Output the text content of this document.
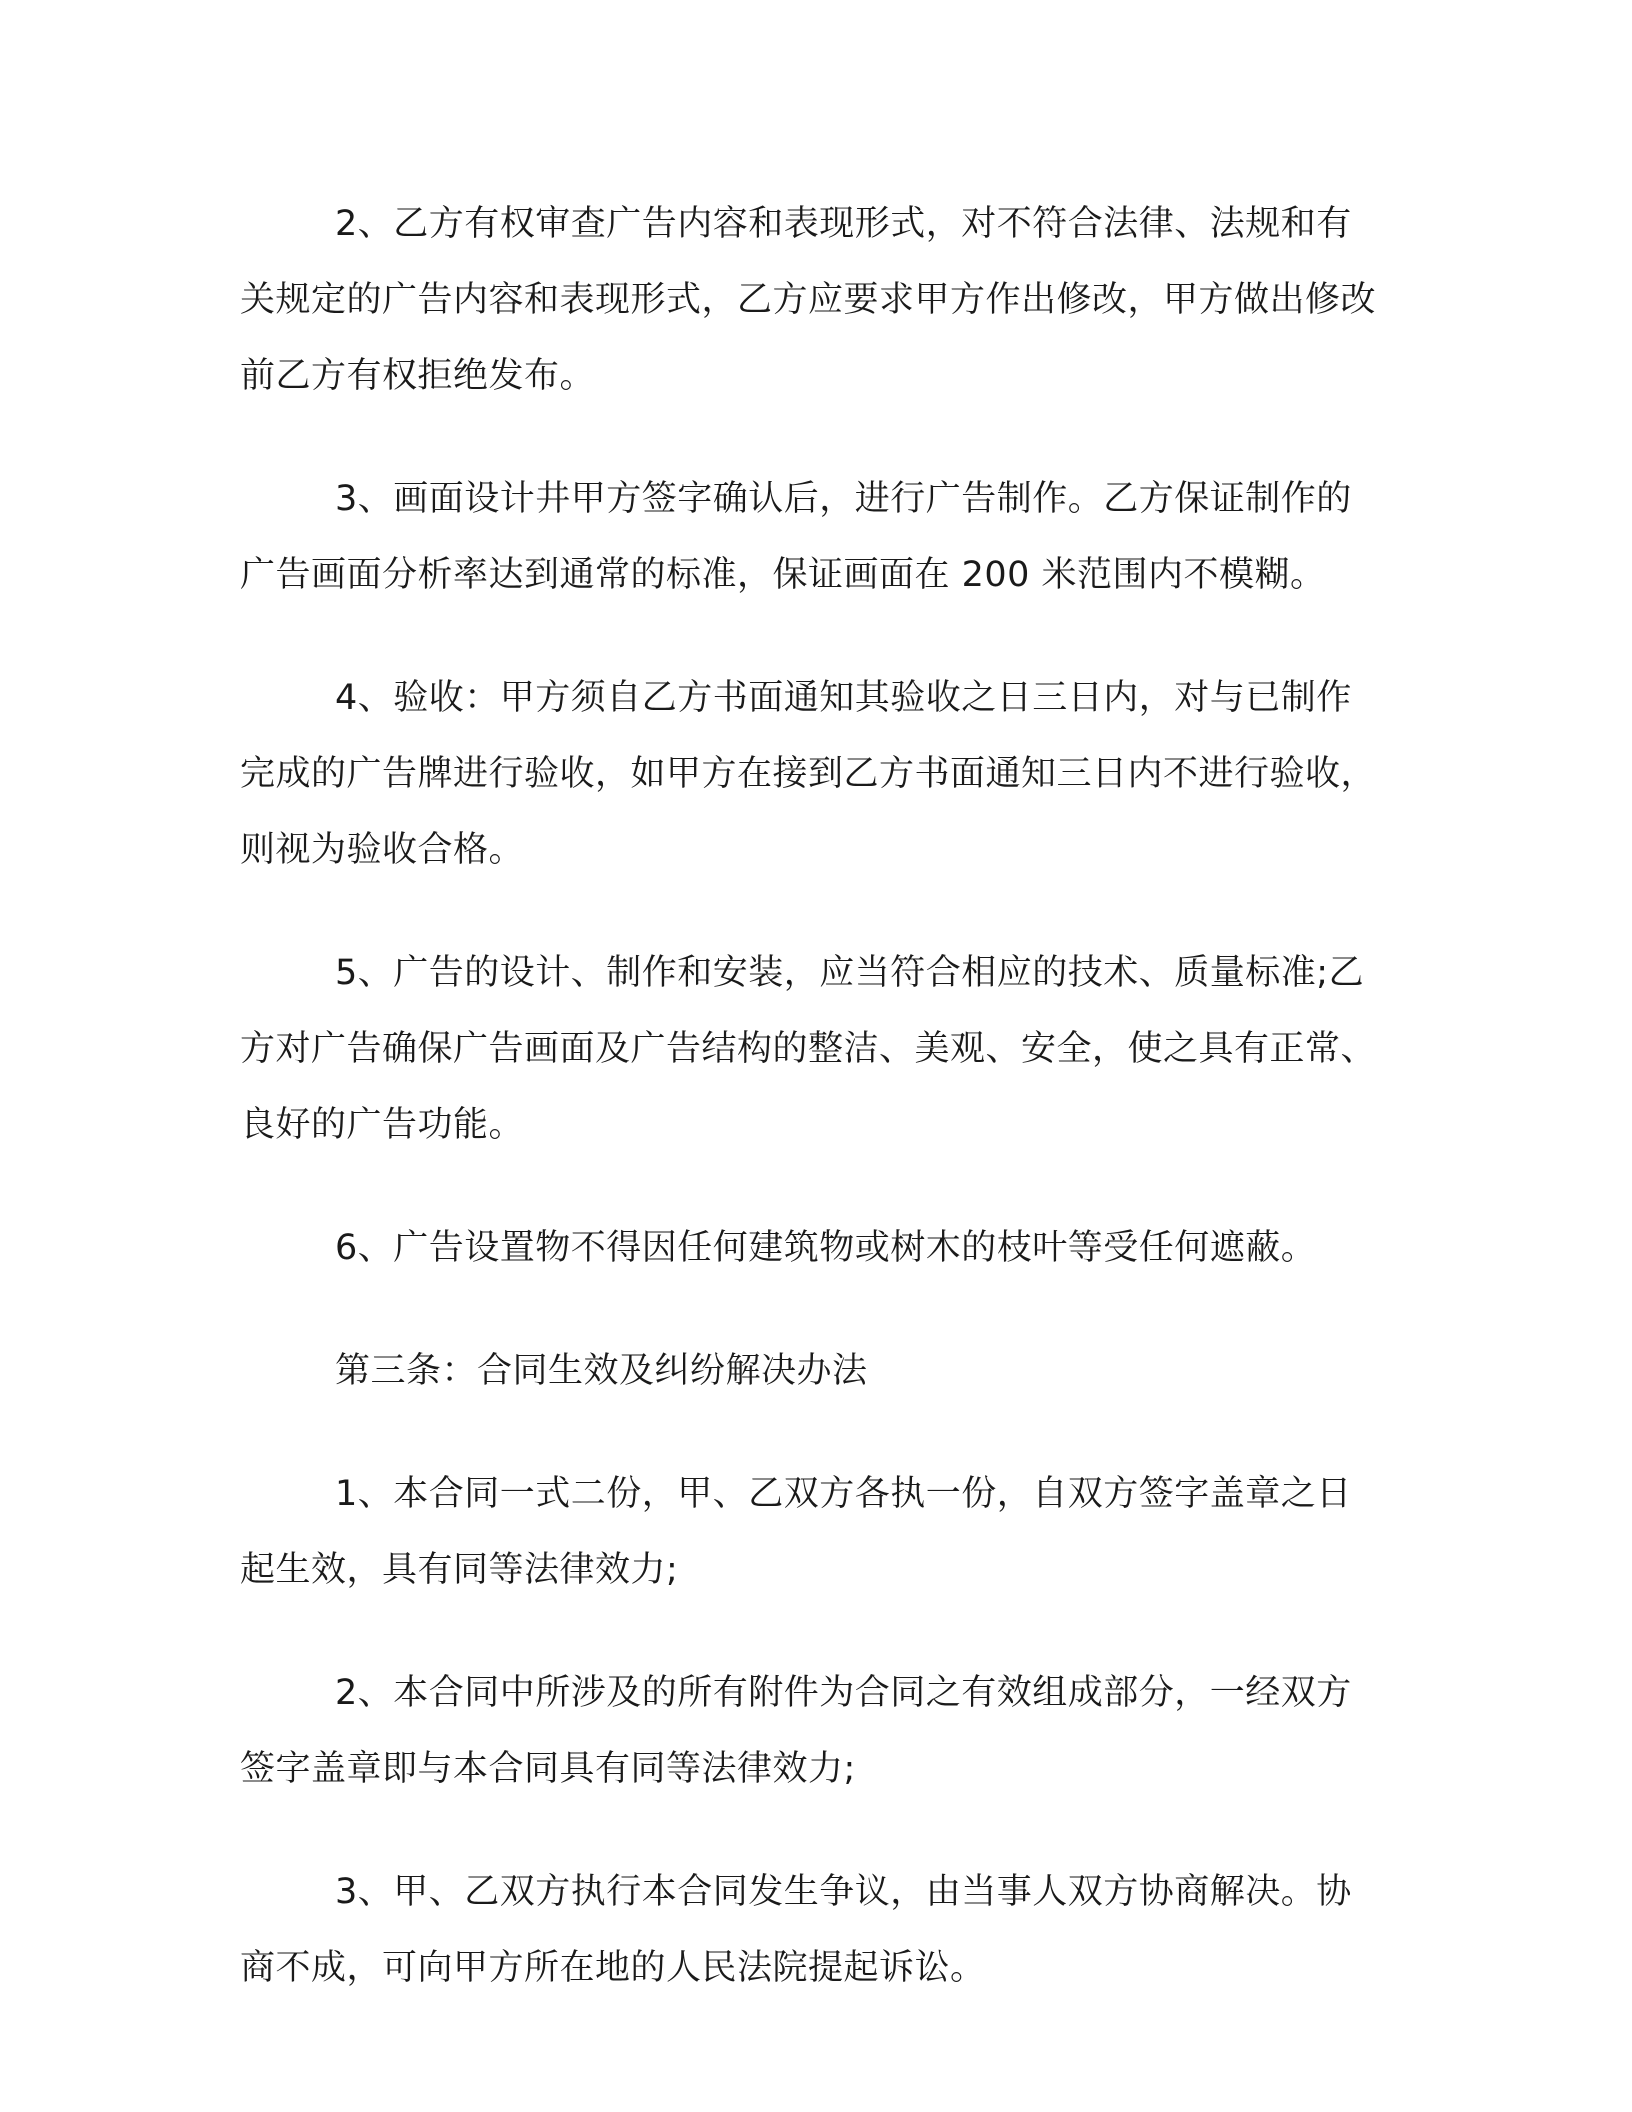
2、乙方有权审查广告内容和表现形式，对不符合法律、法规和有关规定的广告内容和表现形式，乙方应要求甲方作出修改，甲方做出修改前乙方有权拒绝发布。

3、画面设计井甲方签字确认后，进行广告制作。乙方保证制作的广告画面分析率达到通常的标准，保证画面在 200 米范围内不模糊。

4、验收：甲方须自乙方书面通知其验收之日三日内，对与已制作完成的广告牌进行验收，如甲方在接到乙方书面通知三日内不进行验收，则视为验收合格。

5、广告的设计、制作和安装，应当符合相应的技术、质量标准;乙方对广告确保广告画面及广告结构的整洁、美观、安全，使之具有正常、良好的广告功能。

6、广告设置物不得因任何建筑物或树木的枝叶等受任何遮蔽。

第三条：合同生效及纠纷解决办法

1、本合同一式二份，甲、乙双方各执一份，自双方签字盖章之日起生效，具有同等法律效力;

2、本合同中所涉及的所有附件为合同之有效组成部分，一经双方签字盖章即与本合同具有同等法律效力;

3、甲、乙双方执行本合同发生争议，由当事人双方协商解决。协商不成，可向甲方所在地的人民法院提起诉讼。
